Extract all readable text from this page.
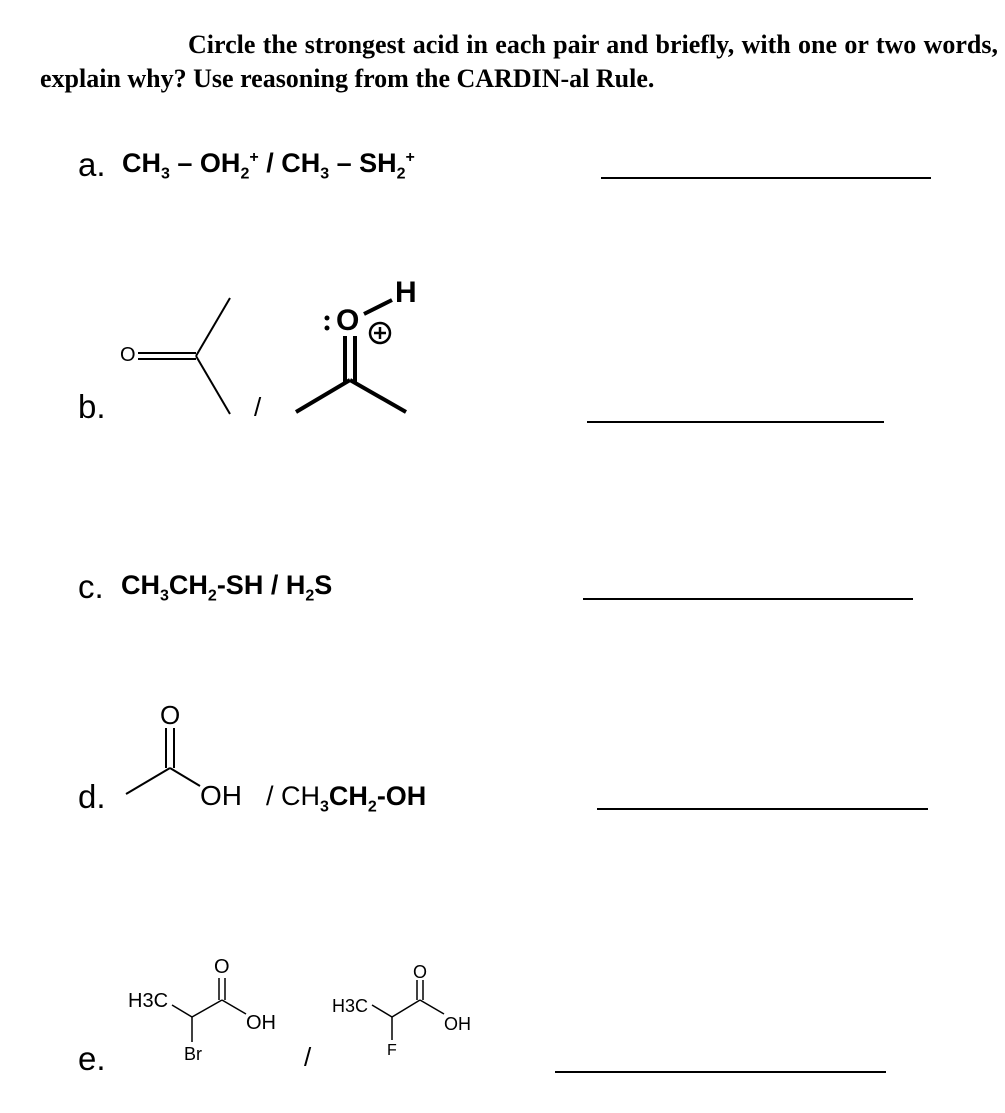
Circle the strongest acid in each pair and briefly, with one or two words, explain why? Use reasoning from the CARDIN-al Rule.
a. $CH_3 - OH_2^+ / CH_3 - SH_2^+$
b.
O
/
O
H
c. $CH_3CH_2-SH / H_2S$
d.
O
OH / $CH_3CH_2-OH$
e.
H3C
O
OH
Br	/
H3C
O
OH
F
